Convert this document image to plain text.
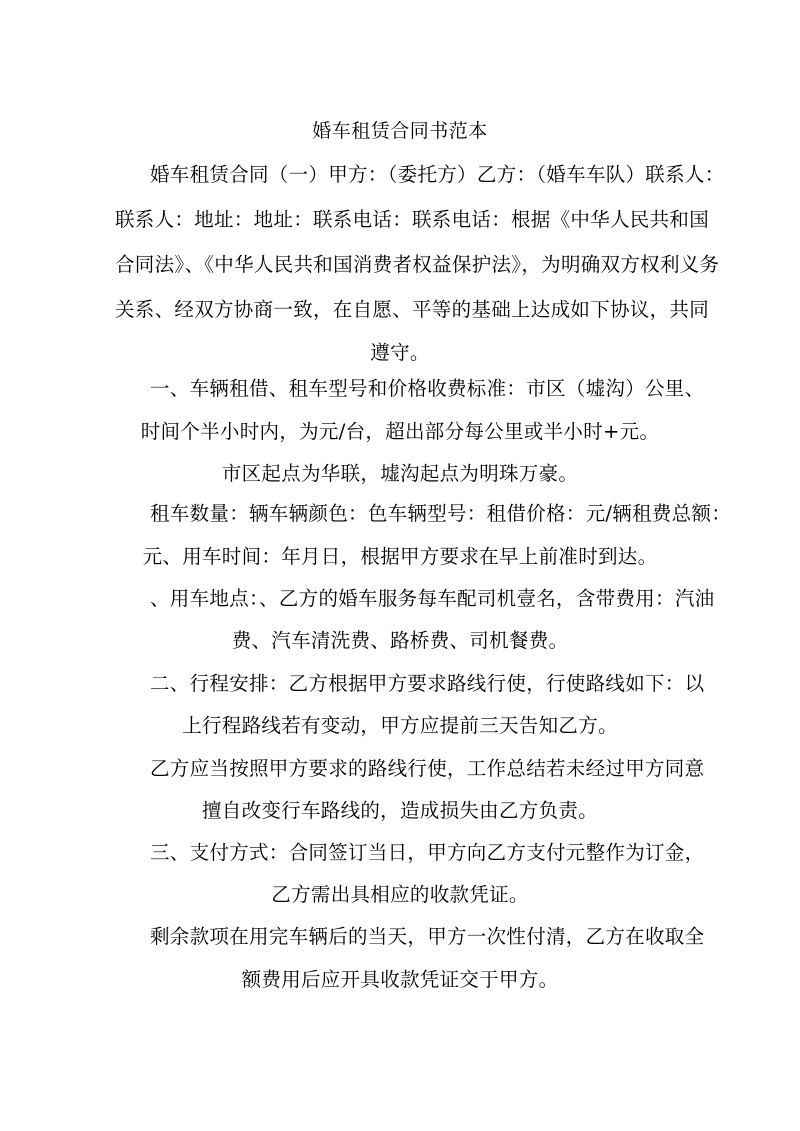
婚车租赁合同书范本
婚车租赁合同（一）甲方：（委托方）乙方：（婚车车队）联系人：
联系人：地址：地址：联系电话：联系电话：根据《中华人民共和国
合同法》、《中华人民共和国消费者权益保护法》，为明确双方权利义务
关系、经双方协商一致，在自愿、平等的基础上达成如下协议，共同
遵守。
一、车辆租借、租车型号和价格收费标准：市区（墟沟）公里、
时间个半小时内，为元/台，超出部分每公里或半小时+元。
市区起点为华联，墟沟起点为明珠万豪。
租车数量：辆车辆颜色：色车辆型号：租借价格：元/辆租费总额：
元、用车时间：年月日，根据甲方要求在早上前准时到达。
、用车地点：、乙方的婚车服务每车配司机壹名，含带费用：汽油
费、汽车清洗费、路桥费、司机餐费。
二、行程安排：乙方根据甲方要求路线行使，行使路线如下：以
上行程路线若有变动，甲方应提前三天告知乙方。
乙方应当按照甲方要求的路线行使，工作总结若未经过甲方同意
擅自改变行车路线的，造成损失由乙方负责。
三、支付方式：合同签订当日，甲方向乙方支付元整作为订金，
乙方需出具相应的收款凭证。
剩余款项在用完车辆后的当天，甲方一次性付清，乙方在收取全
额费用后应开具收款凭证交于甲方。
